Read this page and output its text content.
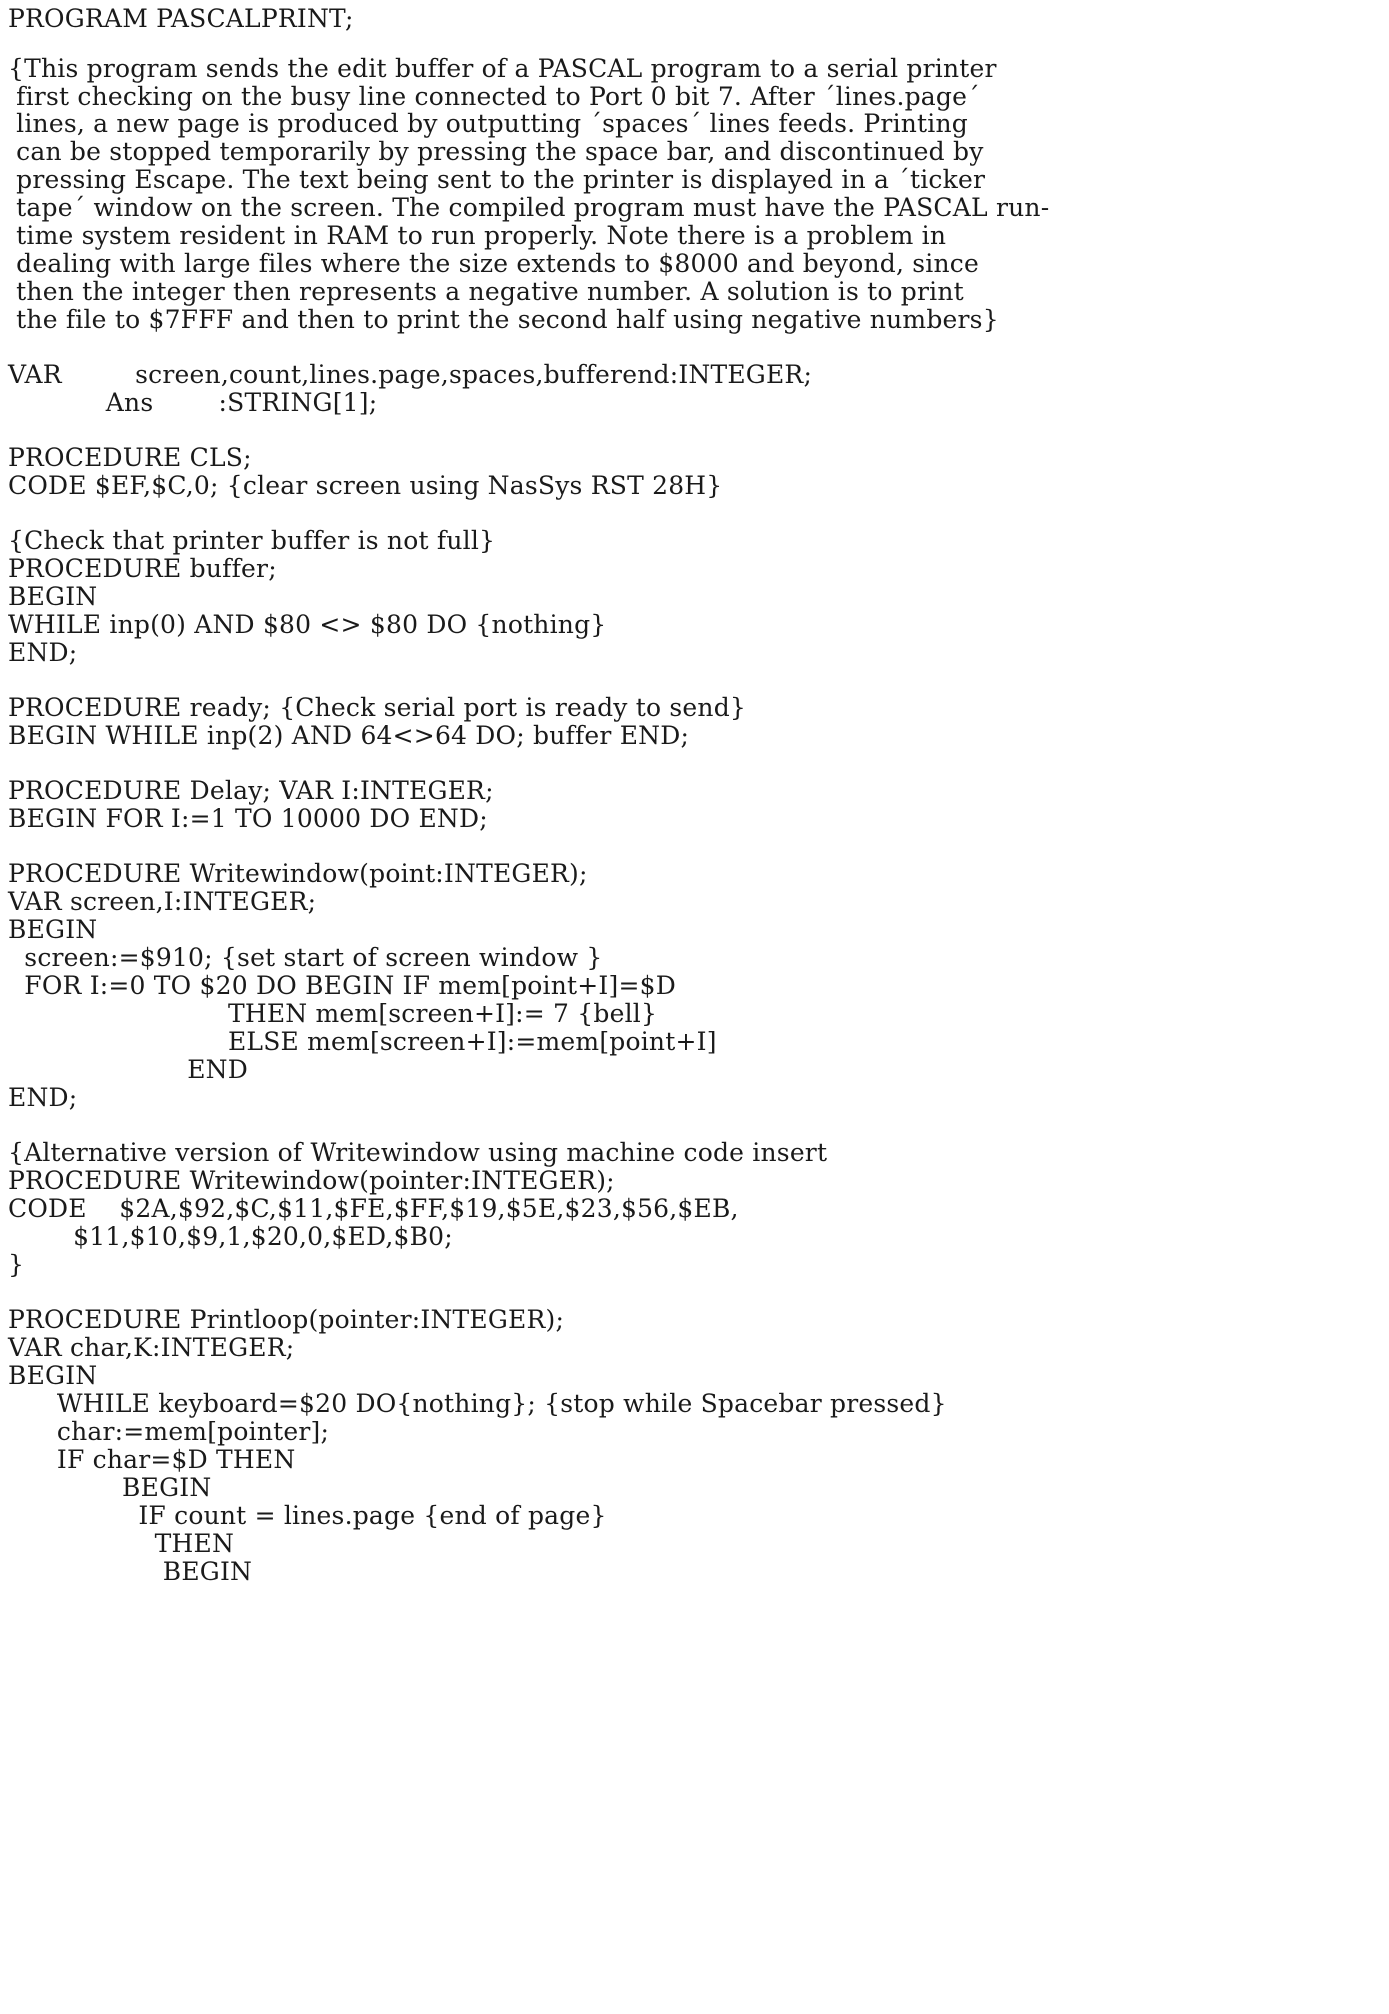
PROGRAM PASCALPRINT;
{This program sends the edit buffer of a PASCAL program to a serial printer
first checking on the busy line connected to Port 0 bit 7. After ´lines.page´
lines, a new page is produced by outputting ´spaces´ lines feeds. Printing
can be stopped temporarily by pressing the space bar, and discontinued by
pressing Escape. The text being sent to the printer is displayed in a ´ticker
tape´ window on the screen. The compiled program must have the PASCAL run-
time system resident in RAM to run properly. Note there is a problem in
dealing with large files where the size extends to $8000 and beyond, since
then the integer then represents a negative number. A solution is to print
the file to $7FFF and then to print the second half using negative numbers}
VAR         screen,count,lines.page,spaces,bufferend:INTEGER;
Ans        :STRING[1];
PROCEDURE CLS;
CODE $EF,$C,0; {clear screen using NasSys RST 28H}
{Check that printer buffer is not full}
PROCEDURE buffer;
BEGIN
WHILE inp(0) AND $80 <> $80 DO {nothing}
END;
PROCEDURE ready; {Check serial port is ready to send}
BEGIN WHILE inp(2) AND 64<>64 DO; buffer END;
PROCEDURE Delay; VAR I:INTEGER;
BEGIN FOR I:=1 TO 10000 DO END;
PROCEDURE Writewindow(point:INTEGER);
VAR screen,I:INTEGER;
BEGIN
screen:=$910; {set start of screen window }
FOR I:=0 TO $20 DO BEGIN IF mem[point+I]=$D
THEN mem[screen+I]:= 7 {bell}
ELSE mem[screen+I]:=mem[point+I]
END
END;
{Alternative version of Writewindow using machine code insert
PROCEDURE Writewindow(pointer:INTEGER);
CODE    $2A,$92,$C,$11,$FE,$FF,$19,$5E,$23,$56,$EB,
$11,$10,$9,1,$20,0,$ED,$B0;
}
PROCEDURE Printloop(pointer:INTEGER);
VAR char,K:INTEGER;
BEGIN
WHILE keyboard=$20 DO{nothing}; {stop while Spacebar pressed}
char:=mem[pointer];
IF char=$D THEN
BEGIN
IF count = lines.page {end of page}
THEN
BEGIN
